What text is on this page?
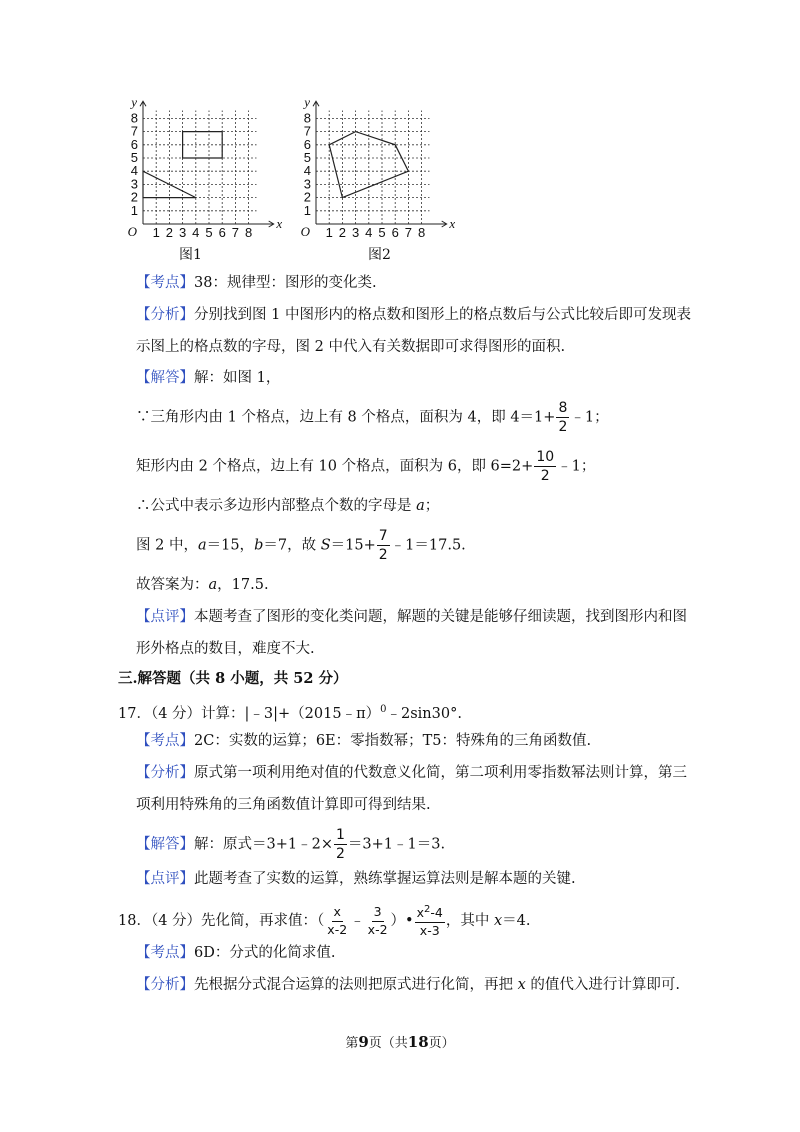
1
2
3
4
5
6
7
8
1 2 3 4 5 6 7 8
O
y
x
图1
1
2
3
4
5
6
7
8
1 2 3 4 5 6 7 8
O
y
x
图2
【考点】38：规律型：图形的变化类.
【分析】分别找到图 1 中图形内的格点数和图形上的格点数后与公式比较后即可发现表
示图上的格点数的字母，图 2 中代入有关数据即可求得图形的面积.
【解答】解：如图 1，
∵三角形内由 1 个格点，边上有 8 个格点，面积为 4，即 $4=1+ \frac{8}{2}$ ﹣1；
矩形内由 2 个格点，边上有 10 个格点，面积为 6，即 $6=2+ \frac{10}{2}$ ﹣1；
∴公式中表示多边形内部整点个数的字母是 a；
图 2 中，a＝15，b＝7，故 $S=15+ \frac{7}{2}$ ﹣1＝17.5.
故答案为：a，17.5.
【点评】本题考查了图形的变化类问题，解题的关键是能够仔细读题，找到图形内和图
形外格点的数目，难度不大.
三.解答题（共 8 小题，共 52 分）
17．（4 分）计算：|﹣3|+（2015﹣π）$^0$﹣2sin30°.
【考点】2C：实数的运算；6E：零指数幂；T5：特殊角的三角函数值.
【分析】原式第一项利用绝对值的代数意义化简，第二项利用零指数幂法则计算，第三
项利用特殊角的三角函数值计算即可得到结果.
【解答】解：原式＝3+1﹣2× $\frac{1}{2}$ ＝3+1﹣1＝3.
【点评】此题考查了实数的运算，熟练掌握运算法则是解本题的关键.
18．（4 分）先化简，再求值：（ $\frac{x}{x-2}$ ﹣ $\frac{3}{x-2}$ ）• $\frac{x^2-4}{x-3}$ ，其中 x＝4.
【考点】6D：分式的化简求值.
【分析】先根据分式混合运算的法则把原式进行化简，再把 x 的值代入进行计算即可.
第9页（共18页）
